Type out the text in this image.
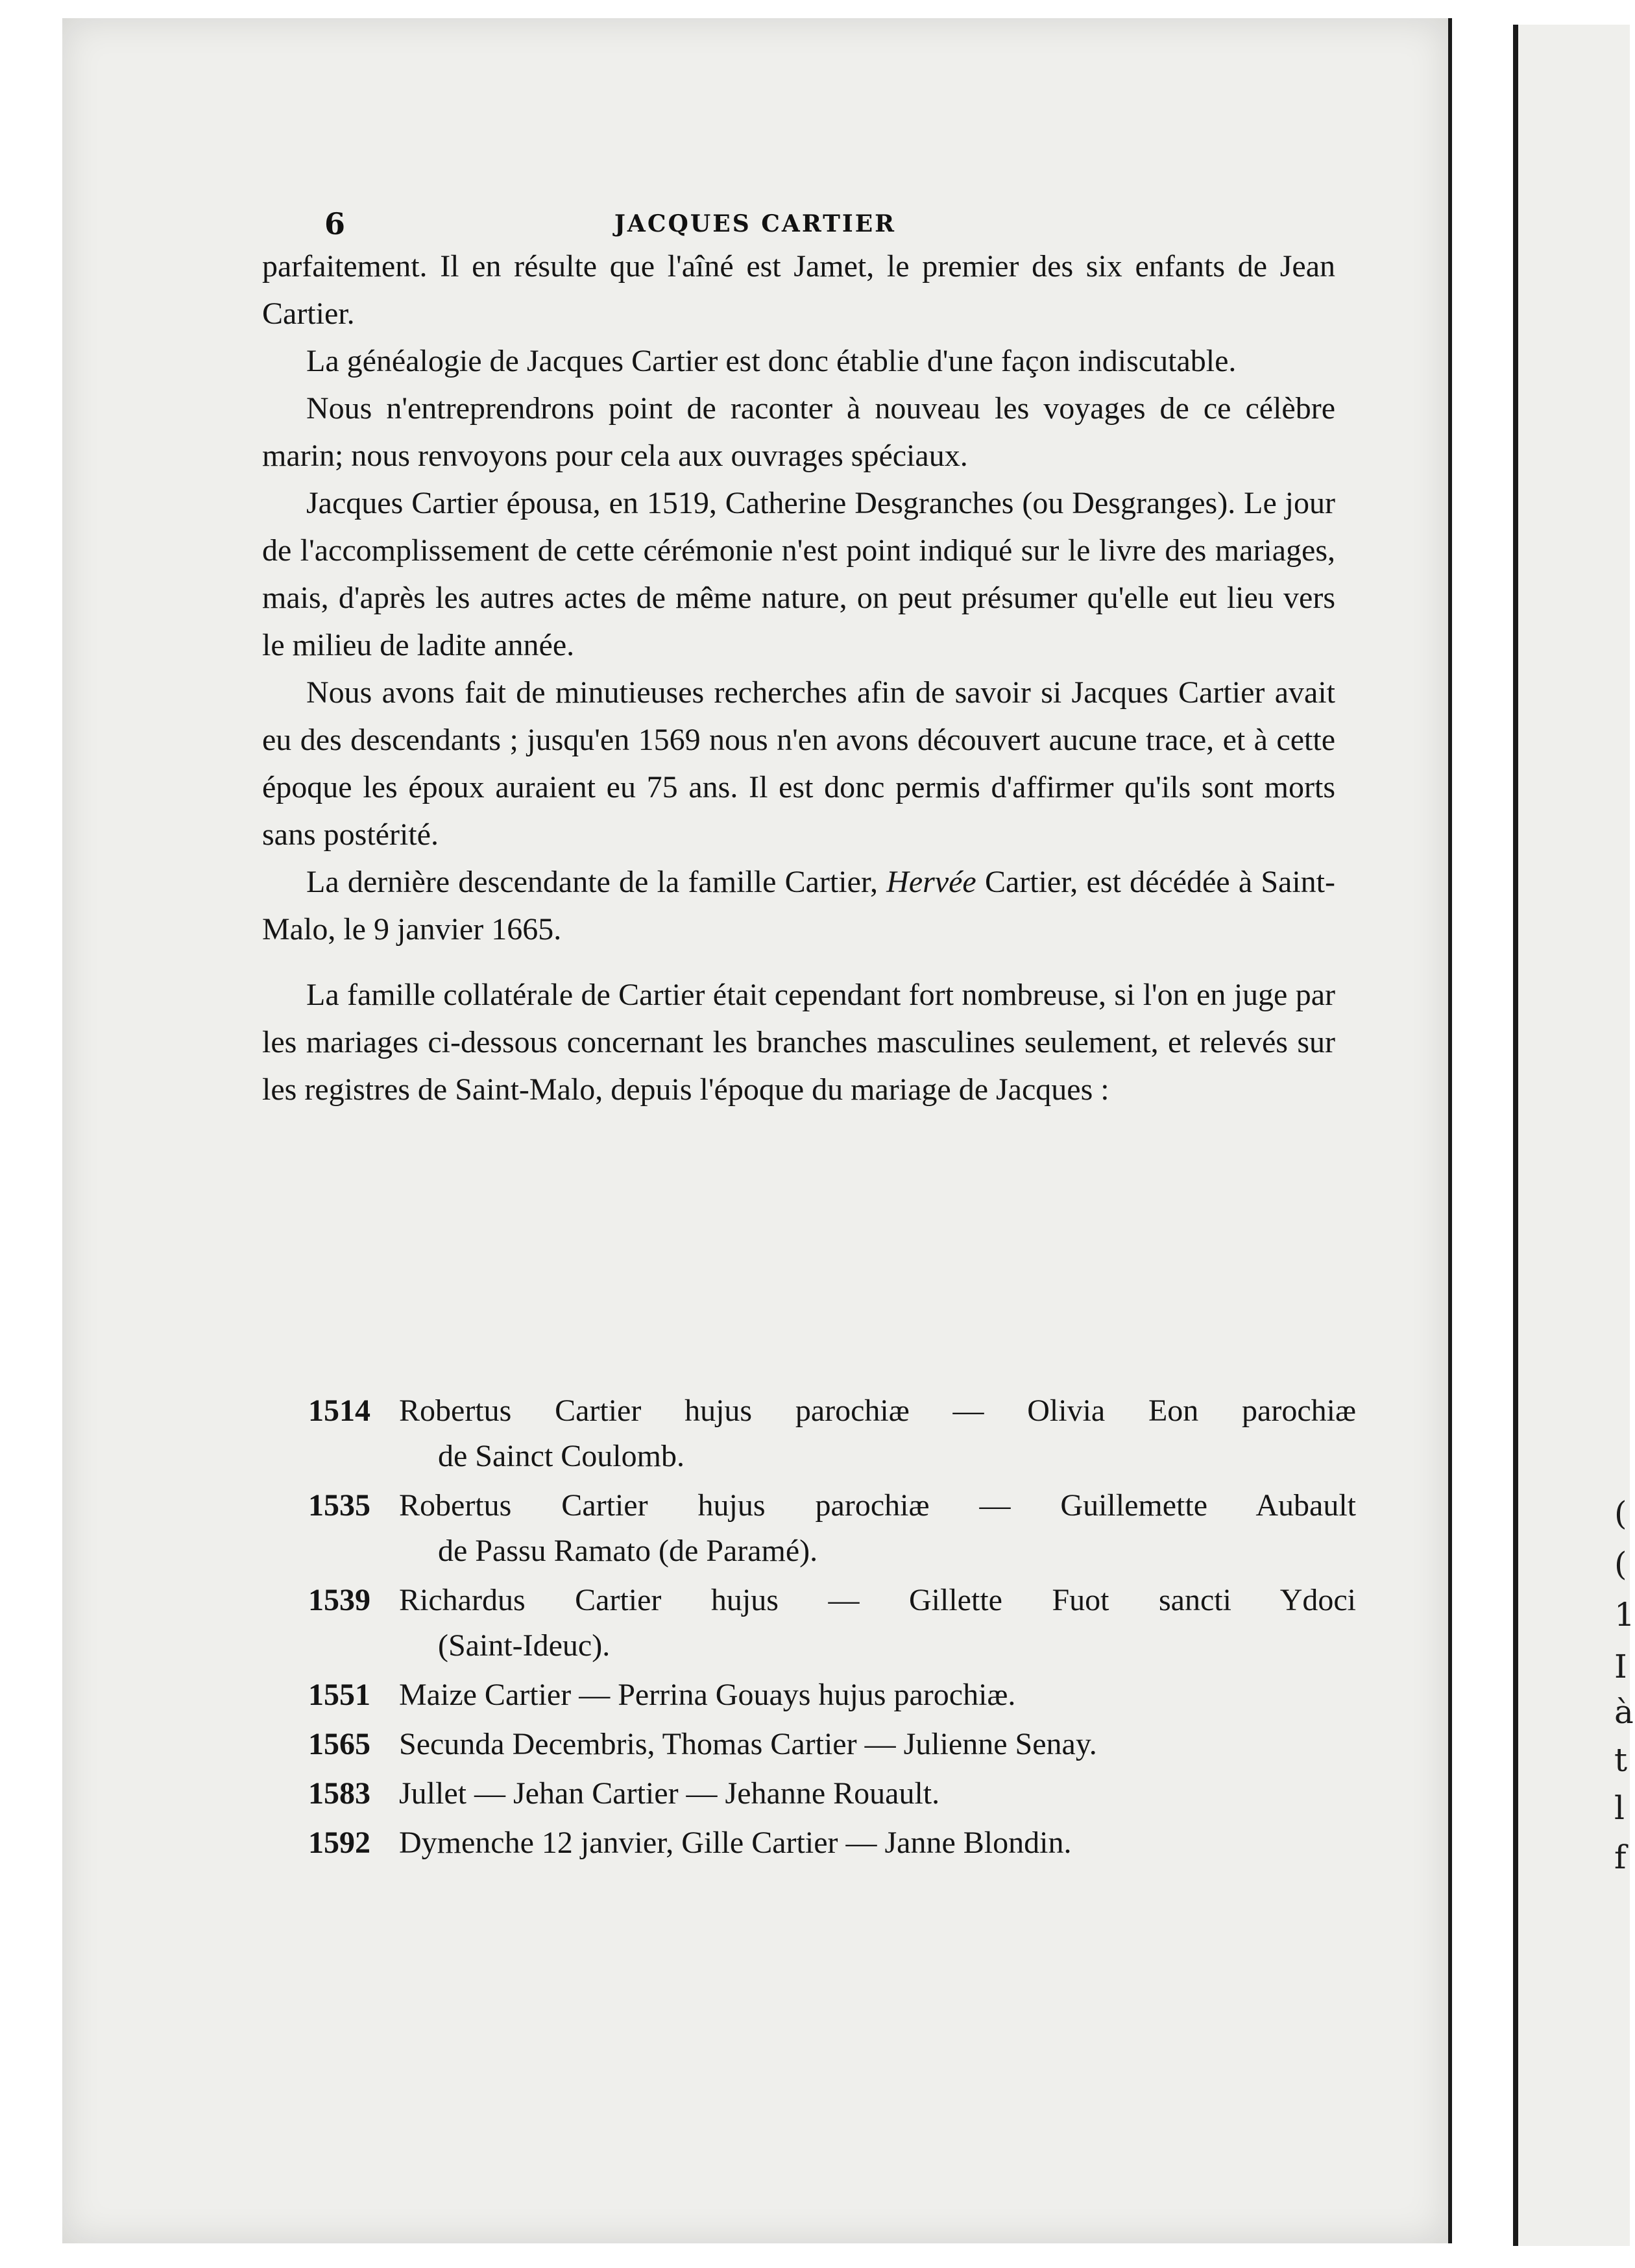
6	JACQUES CARTIER

parfaitement. Il en résulte que l'aîné est Jamet, le premier des six enfants de Jean Cartier.

La généalogie de Jacques Cartier est donc établie d'une façon indiscutable.

Nous n'entreprendrons point de raconter à nouveau les voyages de ce célèbre marin; nous renvoyons pour cela aux ouvrages spéciaux.

Jacques Cartier épousa, en 1519, Catherine Desgranches (ou Desgranges). Le jour de l'accomplissement de cette cérémonie n'est point indiqué sur le livre des mariages, mais, d'après les autres actes de même nature, on peut présumer qu'elle eut lieu vers le milieu de ladite année.

Nous avons fait de minutieuses recherches afin de savoir si Jacques Cartier avait eu des descendants ; jusqu'en 1569 nous n'en avons découvert aucune trace, et à cette époque les époux auraient eu 75 ans. Il est donc permis d'affirmer qu'ils sont morts sans postérité.

La dernière descendante de la famille Cartier, Hervée Cartier, est décédée à Saint-Malo, le 9 janvier 1665.

La famille collatérale de Cartier était cependant fort nombreuse, si l'on en juge par les mariages ci-dessous concernant les branches masculines seulement, et relevés sur les registres de Saint-Malo, depuis l'époque du mariage de Jacques :

1514 Robertus Cartier hujus parochiæ — Olivia Eon parochiæ
de Sainct Coulomb.
1535 Robertus Cartier hujus parochiæ — Guillemette Aubault
de Passu Ramato (de Paramé).
1539 Richardus Cartier hujus — Gillette Fuot sancti Ydoci
(Saint-Ideuc).
1551 Maize Cartier — Perrina Gouays hujus parochiæ.
1565 Secunda Decembris, Thomas Cartier — Julienne Senay.
1583 Jullet — Jehan Cartier — Jehanne Rouault.
1592 Dymenche 12 janvier, Gille Cartier — Janne Blondin.
(
(
1
I
à
t
l
f
